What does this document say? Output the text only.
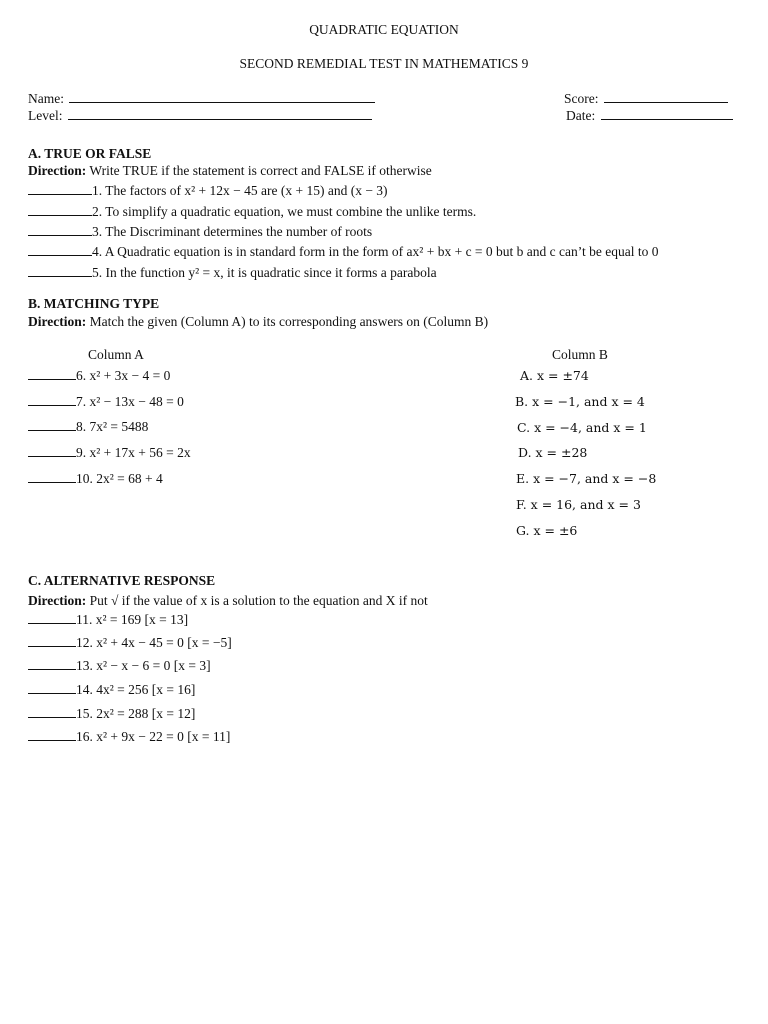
QUADRATIC EQUATION
SECOND REMEDIAL TEST IN MATHEMATICS 9
Name:
Level:
Score:
Date:
A. TRUE OR FALSE
Direction: Write TRUE if the statement is correct and FALSE if otherwise
1. The factors of x² + 12x − 45 are (x + 15) and (x − 3)
2. To simplify a quadratic equation, we must combine the unlike terms.
3. The Discriminant determines the number of roots
4. A Quadratic equation is in standard form in the form of ax² + bx + c = 0 but b and c can’t be equal to 0
5. In the function y² = x, it is quadratic since it forms a parabola
B. MATCHING TYPE
Direction: Match the given (Column A) to its corresponding answers on (Column B)
Column A	Column B
6. x² + 3x − 4 = 0
7. x² − 13x − 48 = 0
8. 7x² = 5488
9. x² + 17x + 56 = 2x
10. 2x² = 68 + 4
A. x = ±74
B. x = −1, and x = 4
C. x = −4, and x = 1
D. x = ±28
E. x = −7, and x = −8
F. x = 16, and x = 3
G. x = ±6
C. ALTERNATIVE RESPONSE
Direction: Put √ if the value of x is a solution to the equation and X if not
11. x² = 169 [x = 13]
12. x² + 4x − 45 = 0 [x = −5]
13. x² − x − 6 = 0 [x = 3]
14. 4x² = 256 [x = 16]
15. 2x² = 288 [x = 12]
16. x² + 9x − 22 = 0 [x = 11]
